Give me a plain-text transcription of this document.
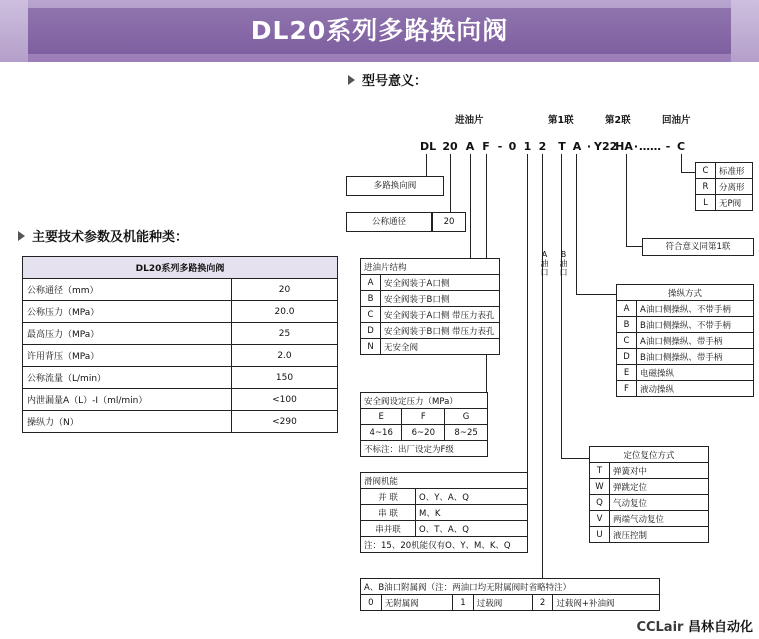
DL20系列多路换向阀
型号意义：
主要技术参数及机能种类：
DL20系列多路换向阀	
公称通径（mm）	20
公称压力（MPa）	20.0
最高压力（MPa）	25
许用背压（MPa）	2.0
公称流量（L/min）	150
内泄漏量A（L）-I（ml/min）	<100
操纵力（N）	<290
进油片	第1联	第2联	回油片
DL 20 A F - 0 1 2 T A · Y22
HA · …… - C
A
油
口
B
油
口
多路换向阀
公称通径	20
进油片结构	
A	安全阀装于A口侧
B	安全阀装于B口侧
C	安全阀装于A口侧 带压力表孔
D	安全阀装于B口侧 带压力表孔
N	无安全阀
安全阀设定压力（MPa）		
E	F	G
4~16	6~20	8~25
不标注：出厂设定为F级		
滑阀机能	
并 联	O、Y、A、Q
串 联	M、K
串并联	O、T、A、Q
注：15、20机能仅有O、Y、M、K、Q	
A、B油口附属阀（注：两油口均无附属阀时省略特注）
0	无附属阀	1	过载阀	2	过载阀+补油阀
C	标准形
R	分离形
L	无P阀
符合意义同第1联
操纵方式	
A	A油口侧操纵、不带手柄
B	B油口侧操纵、不带手柄
C	A油口侧操纵、带手柄
D	B油口侧操纵、带手柄
E	电磁操纵
F	液动操纵
定位复位方式	
T	弹簧对中
W	弹跳定位
Q	气动复位
V	两端气动复位
U	液压控制
CCLair 昌林自动化
